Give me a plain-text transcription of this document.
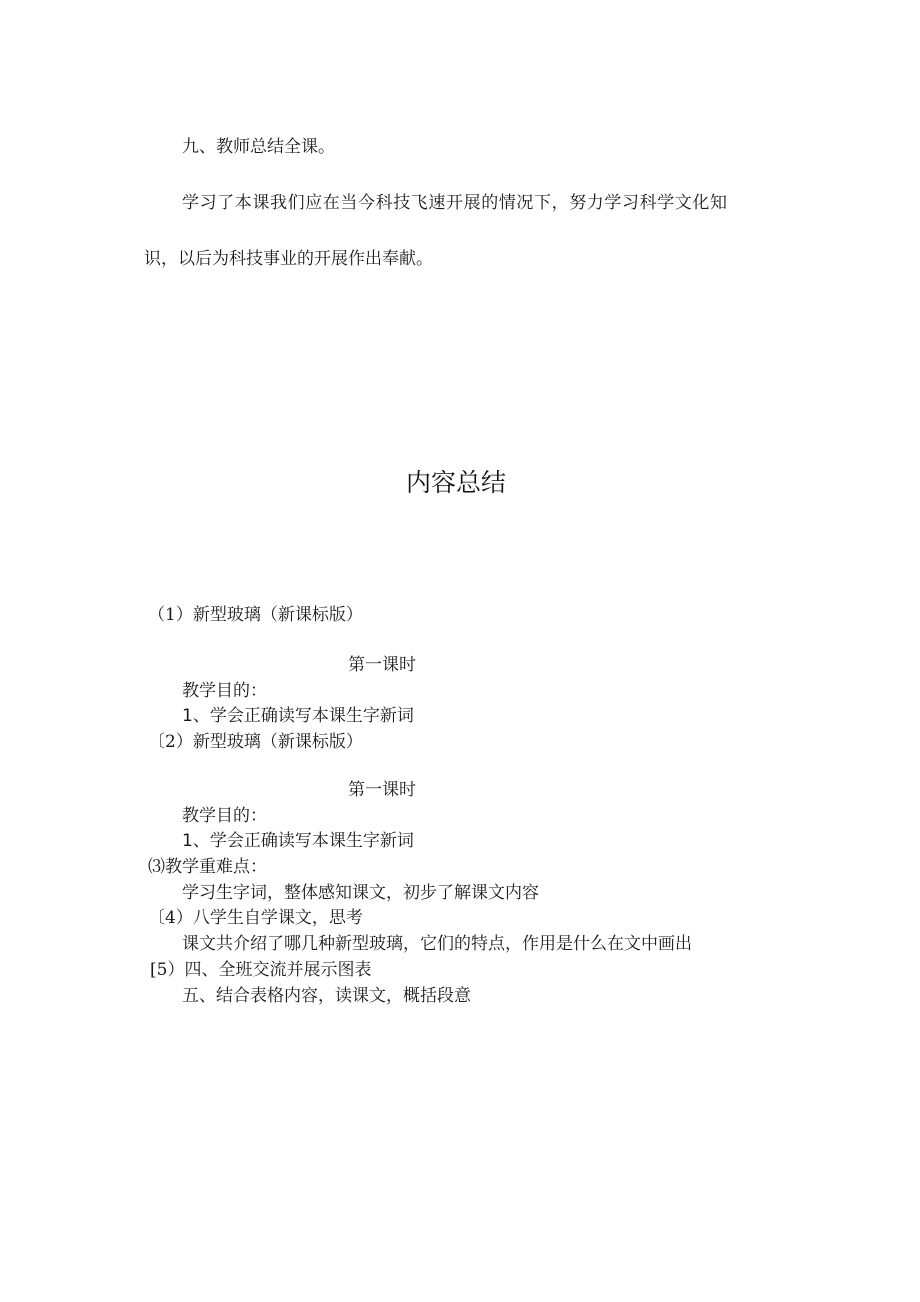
九、教师总结全课。
学习了本课我们应在当今科技飞速开展的情况下，努力学习科学文化知
识，以后为科技事业的开展作出奉献。
内容总结
（1）新型玻璃（新课标版）
第一课时
教学目的：
1、学会正确读写本课生字新词
〔2）新型玻璃（新课标版）
第一课时
教学目的：
1、学会正确读写本课生字新词
⑶教学重难点：
学习生字词，整体感知课文，初步了解课文内容
〔4）八学生自学课文，思考
课文共介绍了哪几种新型玻璃，它们的特点，作用是什么在文中画出
[5）四、全班交流并展示图表
五、结合表格内容，读课文，概括段意
